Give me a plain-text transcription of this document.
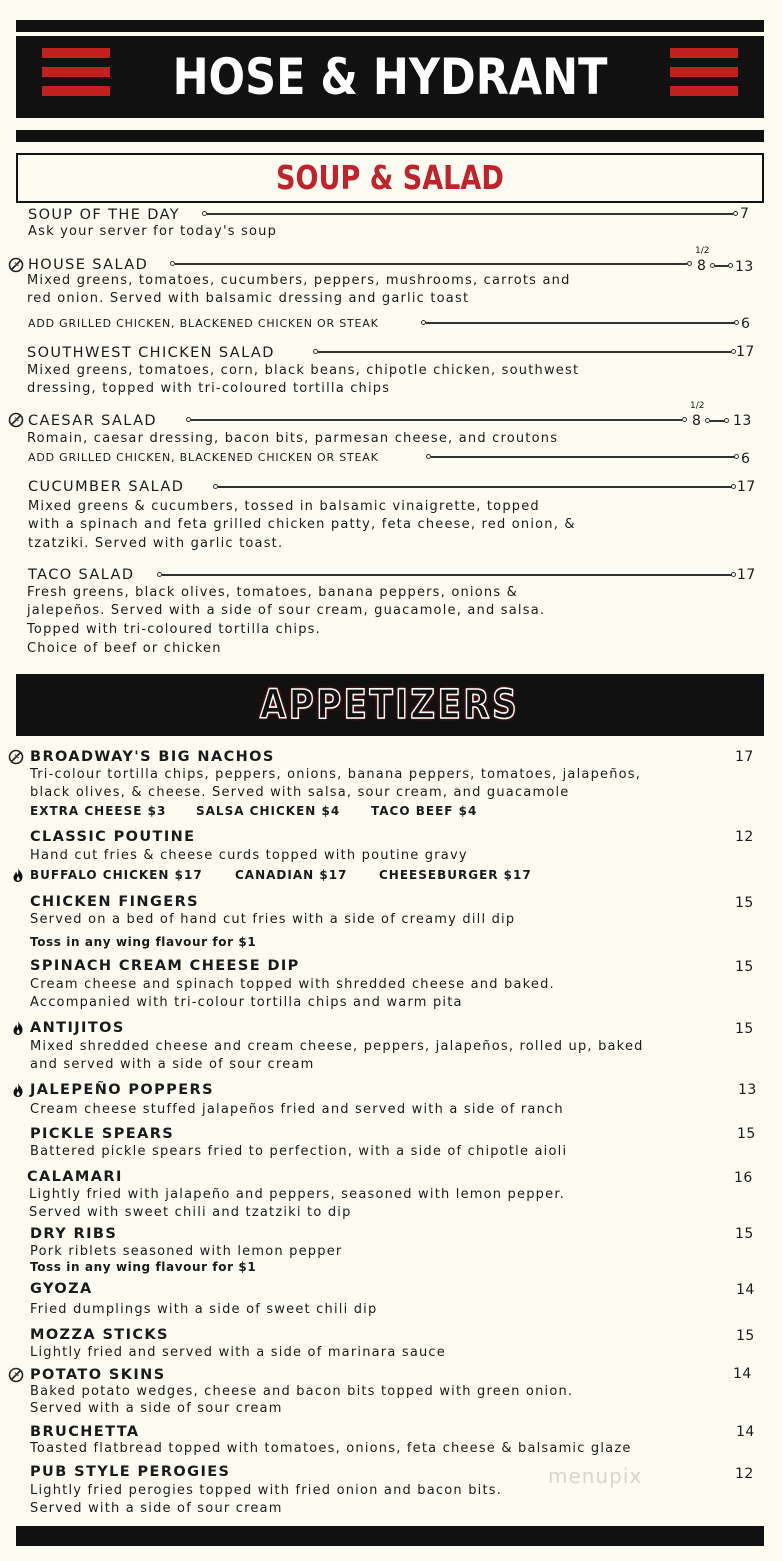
HOSE & HYDRANT
SOUP & SALAD
SOUP OF THE DAY	7
Ask your server for today's soup
HOUSE SALAD
1/2
8 13
Mixed greens, tomatoes, cucumbers, peppers, mushrooms, carrots and
red onion. Served with balsamic dressing and garlic toast
ADD GRILLED CHICKEN, BLACKENED CHICKEN OR STEAK	6
SOUTHWEST CHICKEN SALAD	17
Mixed greens, tomatoes, corn, black beans, chipotle chicken, southwest
dressing, topped with tri-coloured tortilla chips
CAESAR SALAD
1/2
8 13
Romain, caesar dressing, bacon bits, parmesan cheese, and croutons
ADD GRILLED CHICKEN, BLACKENED CHICKEN OR STEAK	6
CUCUMBER SALAD	17
Mixed greens & cucumbers, tossed in balsamic vinaigrette, topped
with a spinach and feta grilled chicken patty, feta cheese, red onion, &
tzatziki. Served with garlic toast.
TACO SALAD	17
Fresh greens, black olives, tomatoes, banana peppers, onions &
jalepeños. Served with a side of sour cream, guacamole, and salsa.
Topped with tri-coloured tortilla chips.
Choice of beef or chicken
APPETIZERS
BROADWAY'S BIG NACHOS	17
Tri-colour tortilla chips, peppers, onions, banana peppers, tomatoes, jalapeños,
black olives, & cheese. Served with salsa, sour cream, and guacamole
EXTRA CHEESE $3 SALSA CHICKEN $4	TACO BEEF $4
CLASSIC POUTINE	12
Hand cut fries & cheese curds topped with poutine gravy
BUFFALO CHICKEN $17	CANADIAN $17	CHEESEBURGER $17
CHICKEN FINGERS	15
Served on a bed of hand cut fries with a side of creamy dill dip
Toss in any wing flavour for $1
SPINACH CREAM CHEESE DIP	15
Cream cheese and spinach topped with shredded cheese and baked.
Accompanied with tri-colour tortilla chips and warm pita
ANTIJITOS	15
Mixed shredded cheese and cream cheese, peppers, jalapeños, rolled up, baked
and served with a side of sour cream
JALEPEÑO POPPERS	13
Cream cheese stuffed jalapeños fried and served with a side of ranch
PICKLE SPEARS	15
Battered pickle spears fried to perfection, with a side of chipotle aioli
CALAMARI	16
Lightly fried with jalapeño and peppers, seasoned with lemon pepper.
Served with sweet chili and tzatziki to dip
DRY RIBS	15
Pork riblets seasoned with lemon pepper
Toss in any wing flavour for $1
GYOZA	14
Fried dumplings with a side of sweet chili dip
MOZZA STICKS	15
Lightly fried and served with a side of marinara sauce
POTATO SKINS	14
Baked potato wedges, cheese and bacon bits topped with green onion.
Served with a side of sour cream
BRUCHETTA	14
Toasted flatbread topped with tomatoes, onions, feta cheese & balsamic glaze
PUB STYLE PEROGIES	12
Lightly fried perogies topped with fried onion and bacon bits.
Served with a side of sour cream
menupix
